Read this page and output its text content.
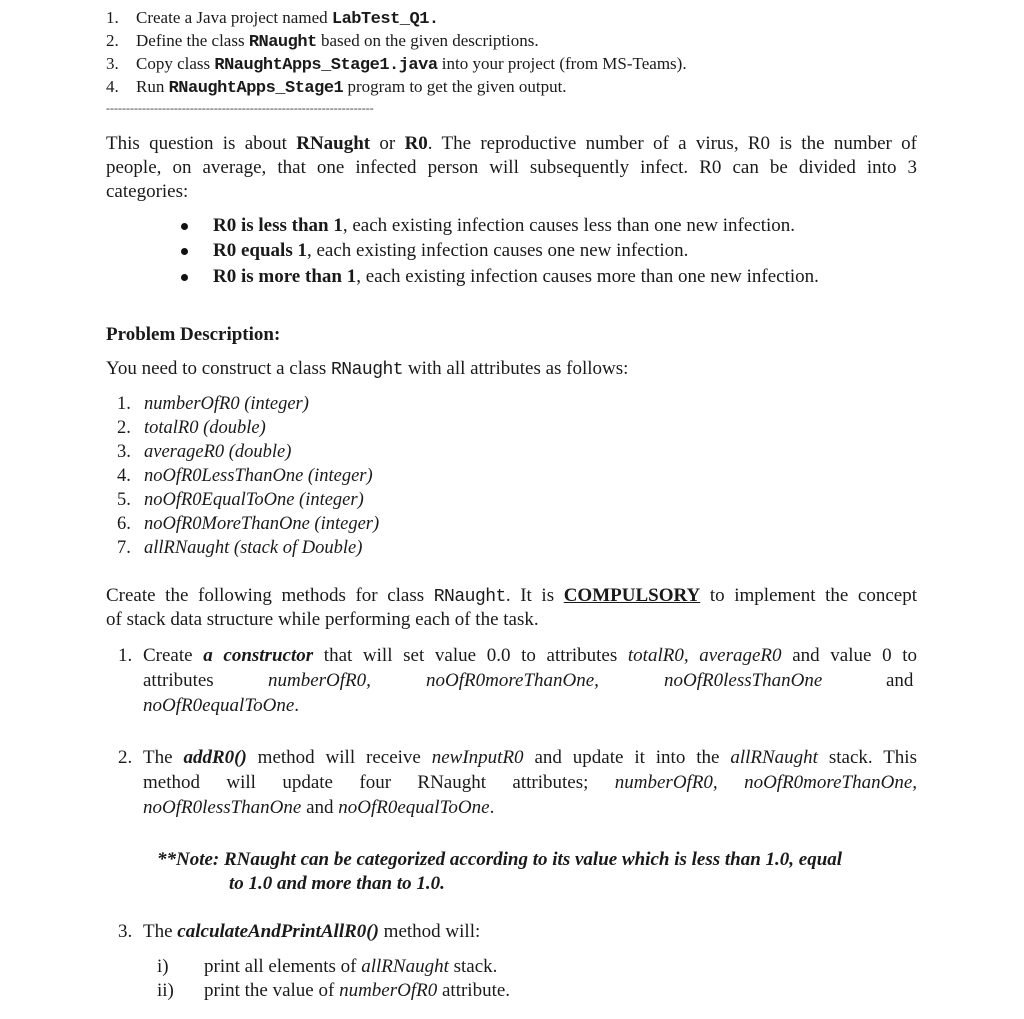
1. Create a Java project named LabTest_Q1.
2. Define the class RNaught based on the given descriptions.
3. Copy class RNaughtApps_Stage1.java into your project (from MS-Teams).
4. Run RNaughtApps_Stage1 program to get the given output.
-------------------------------------------------------------------
This question is about RNaught or R0. The reproductive number of a virus, R0 is the number of
people, on average, that one infected person will subsequently infect. R0 can be divided into 3
categories:
R0 is less than 1, each existing infection causes less than one new infection.
R0 equals 1, each existing infection causes one new infection.
R0 is more than 1, each existing infection causes more than one new infection.
Problem Description:
You need to construct a class RNaught with all attributes as follows:
1. numberOfR0 (integer)
2. totalR0 (double)
3. averageR0 (double)
4. noOfR0LessThanOne (integer)
5. noOfR0EqualToOne (integer)
6. noOfR0MoreThanOne (integer)
7. allRNaught (stack of Double)
Create the following methods for class RNaught. It is COMPULSORY to implement the concept
of stack data structure while performing each of the task.
1. Create a constructor that will set value 0.0 to attributes totalR0, averageR0 and value 0 to
attributes	numberOfR0,	noOfR0moreThanOne,	noOfR0lessThanOne	and
noOfR0equalToOne.
2. The addR0() method will receive newInputR0 and update it into the allRNaught stack. This
method will update four RNaught attributes; numberOfR0, noOfR0moreThanOne,
noOfR0lessThanOne and noOfR0equalToOne.
**Note: RNaught can be categorized according to its value which is less than 1.0, equal
to 1.0 and more than to 1.0.
3. The calculateAndPrintAllR0() method will:
i) print all elements of allRNaught stack.
ii) print the value of numberOfR0 attribute.
